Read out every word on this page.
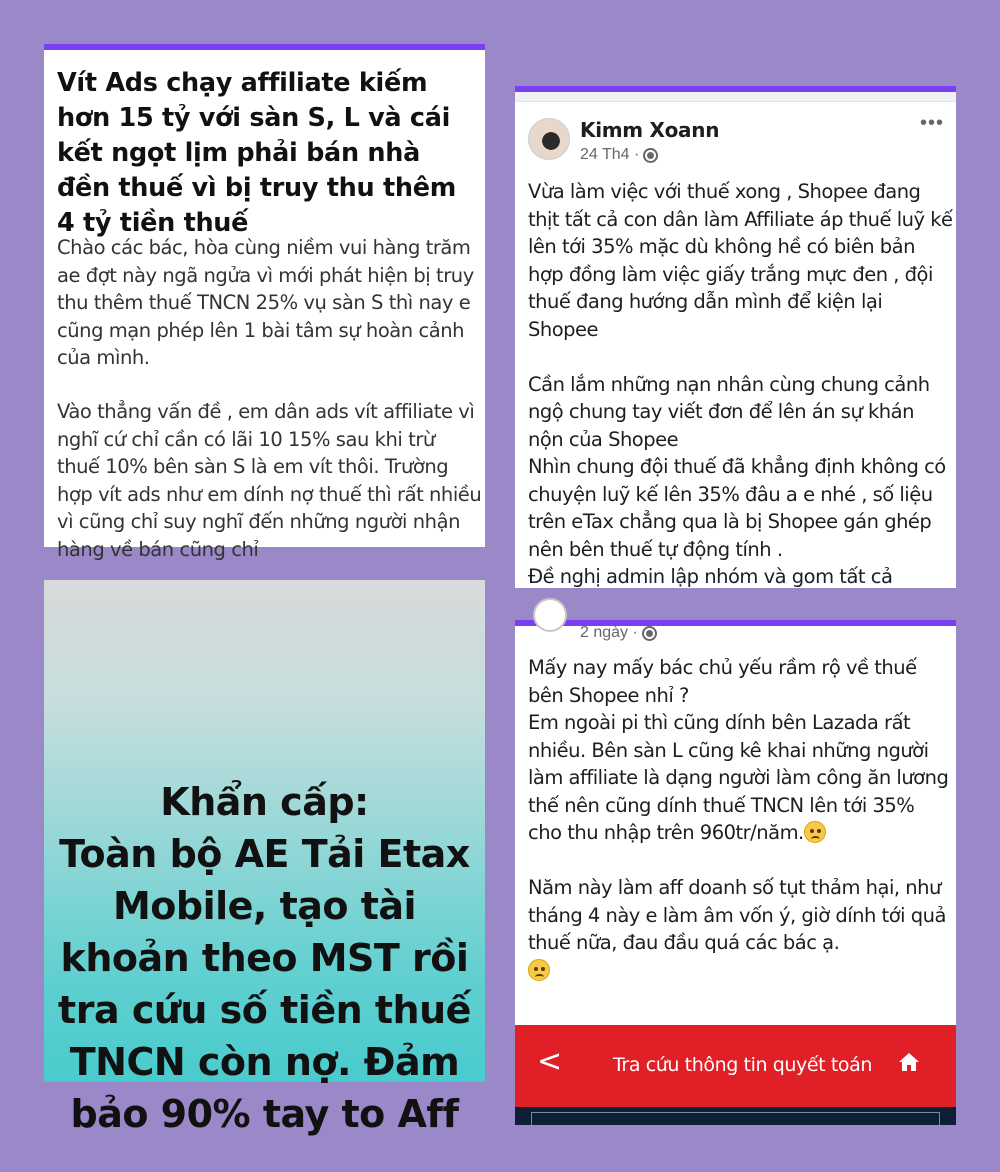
Vít Ads chạy affiliate kiếm hơn 15 tỷ với sàn S, L và cái kết ngọt lịm phải bán nhà đền thuế vì bị truy thu thêm 4 tỷ tiền thuế
Chào các bác, hòa cùng niềm vui hàng trăm ae đợt này ngã ngửa vì mới phát hiện bị truy thu thêm thuế TNCN 25% vụ sàn S thì nay e cũng mạn phép lên 1 bài tâm sự hoàn cảnh của mình.
Vào thẳng vấn đề , em dân ads vít affiliate vì nghĩ cứ chỉ cần có lãi 10 15% sau khi trừ thuế 10% bên sàn S là em vít thôi. Trường hợp vít ads như em dính nợ thuế thì rất nhiều vì cũng chỉ suy nghĩ đến những người nhận hàng về bán cũng chỉ
Kimm Xoann
24 Th4 ·
•••

Vừa làm việc với thuế xong , Shopee đang thịt tất cả con dân làm Affiliate áp thuế luỹ kế lên tới 35% mặc dù không hề có biên bản hợp đồng làm việc giấy trắng mực đen , đội thuế đang hướng dẫn mình để kiện lại Shopee

Cần lắm những nạn nhân cùng chung cảnh ngộ chung tay viết đơn để lên án sự khán nộn của Shopee

Nhìn chung đội thuế đã khẳng định không có chuyện luỹ kế lên 35% đâu a e nhé , số liệu trên eTax chẳng qua là bị Shopee gán ghép nên bên thuế tự động tính .

Đề nghị admin lập nhóm và gom tất cả

Khẩn cấp:
Toàn bộ AE Tải Etax
Mobile, tạo tài
khoản theo MST rồi
tra cứu số tiền thuế
TNCN còn nợ. Đảm
bảo 90% tay to Aff
2 ngày ·

Mấy nay mấy bác chủ yếu rầm rộ về thuế bên Shopee nhỉ ?

Em ngoài pi thì cũng dính bên Lazada rất nhiều. Bên sàn L cũng kê khai những người làm affiliate là dạng người làm công ăn lương thế nên cũng dính thuế TNCN lên tới 35% cho thu nhập trên 960tr/năm.

Năm này làm aff doanh số tụt thảm hại, như tháng 4 này e làm âm vốn ý, giờ dính tới quả thuế nữa, đau đầu quá các bác ạ.

<	Tra cứu thông tin quyết toán
